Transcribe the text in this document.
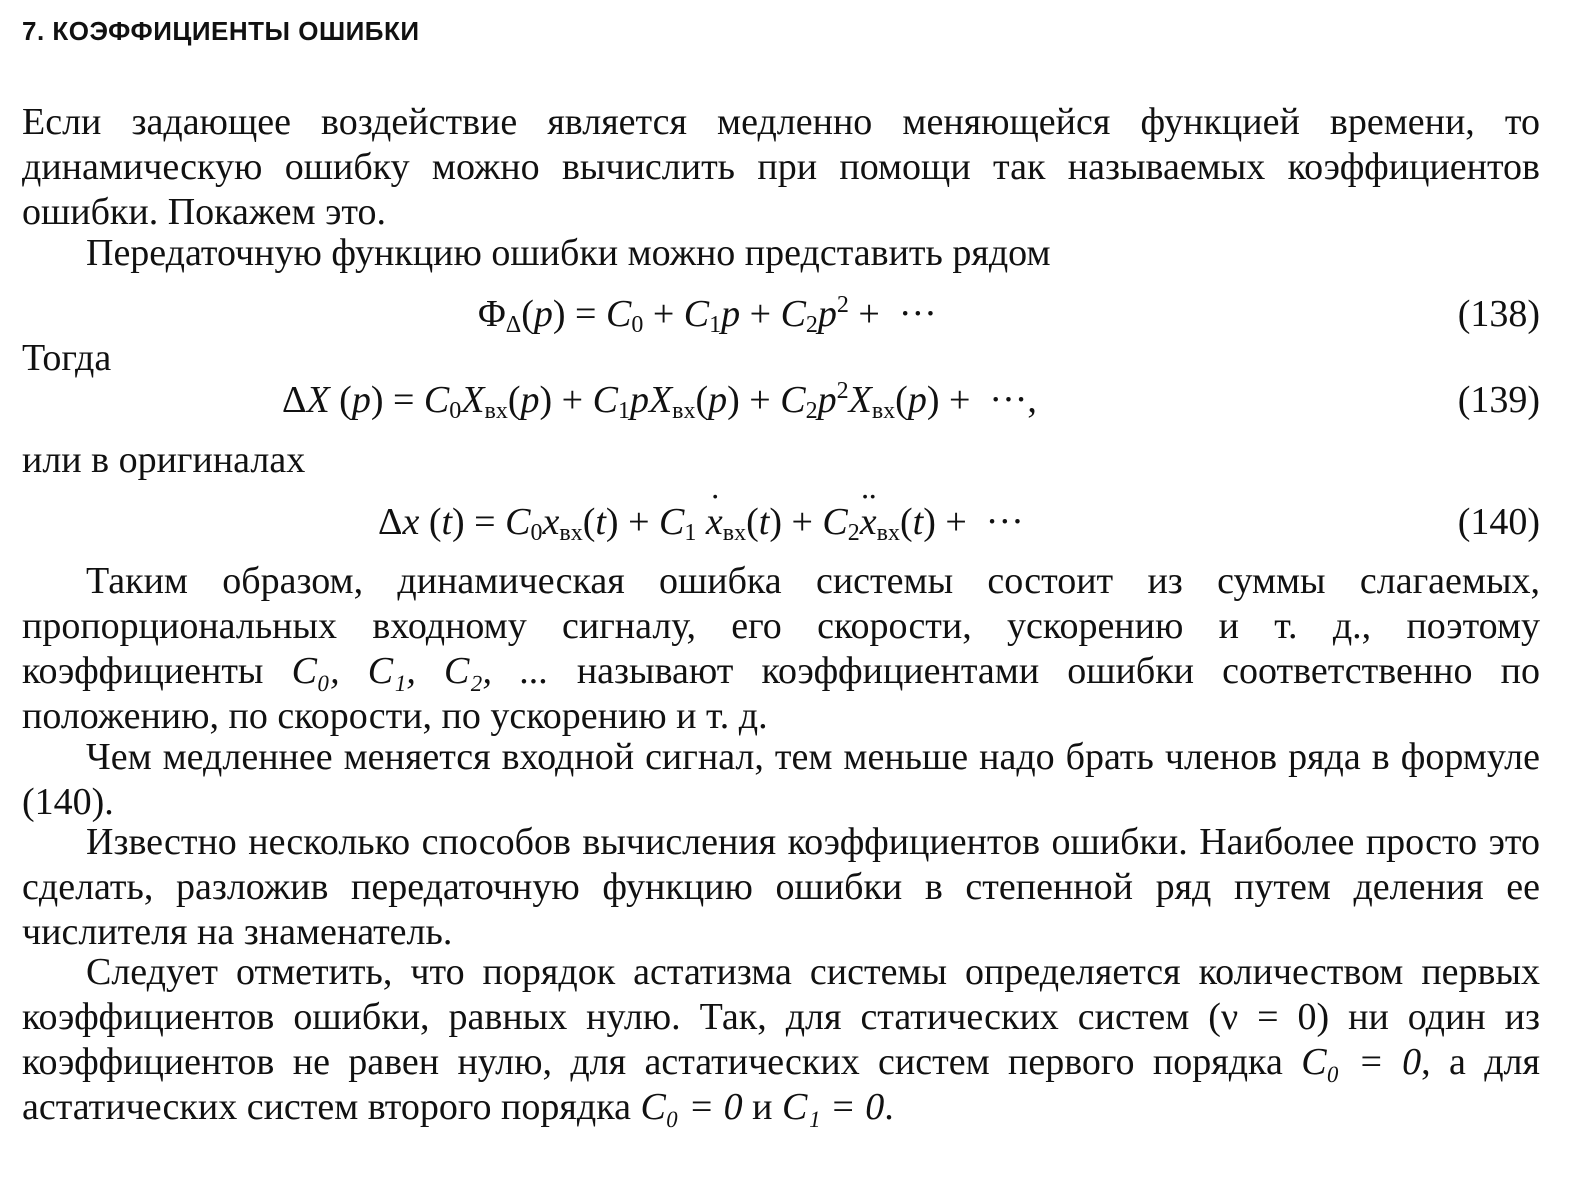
7. КОЭФФИЦИЕНТЫ ОШИБКИ
Если задающее воздействие является медленно меняющейся функцией времени, то динамическую ошибку можно вычислить при помощи так называемых коэффициентов ошибки. Покажем это.
Передаточную функцию ошибки можно представить рядом
$\Phi_\Delta(p) = C_0 + C_1p + C_2p^2$ +  ···	(138)
Тогда
ΔX $(p) = C_0X_{вх}(p) + C_1pX_{вх}(p) + C_2p^2X_{вх}(p)$ +  ···,	(139)
или в оригиналах
Δx $(t) = C_0x_{вх}(t) + C_1 \cdot x_{вх}(t) + C_2\cdot\cdot x_{вх}(t)$ +  ···	(140)
Таким образом, динамическая ошибка системы состоит из суммы слагаемых, пропорциональных входному сигналу, его скорости, ускорению и т. д., поэтому коэффициенты C₀, C₁, C₂, ... называют коэффициентами ошибки соответственно по положению, по скорости, по ускорению и т. д.
Чем медленнее меняется входной сигнал, тем меньше надо брать членов ряда в формуле (140).
Известно несколько способов вычисления коэффициентов ошибки. Наиболее просто это сделать, разложив передаточную функцию ошибки в степенной ряд путем деления ее числителя на знаменатель.
Следует отметить, что порядок астатизма системы определяется количеством первых коэффициентов ошибки, равных нулю. Так, для статических систем (ν = 0) ни один из коэффициентов не равен нулю, для астатических систем первого порядка C₀ = 0, а для астатических систем второго порядка C₀ = 0 и C₁ = 0.
